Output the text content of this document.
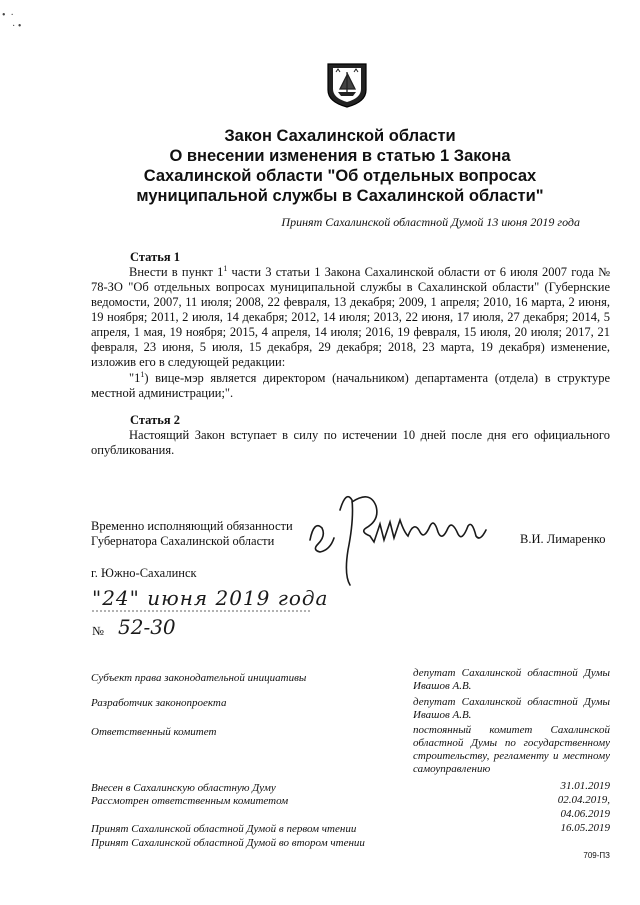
•  ·
· •
Закон Сахалинской области
О внесении изменения в статью 1 Закона
Сахалинской области "Об отдельных вопросах
муниципальной службы в Сахалинской области"
Принят Сахалинской областной Думой 13 июня 2019 года
Статья 1
Внести в пункт $1^1$ части 3 статьи 1 Закона Сахалинской области от 6 июля 2007 года № 78-ЗО "Об отдельных вопросах муниципальной службы в Сахалинской области" (Губернские ведомости, 2007, 11 июля; 2008, 22 февраля, 13 декабря; 2009, 1 апреля; 2010, 16 марта, 2 июня, 19 ноября; 2011, 2 июля, 14 декабря; 2012, 14 июля; 2013, 22 июня, 17 июля, 27 декабря; 2014, 5 апреля, 1 мая, 19 ноября; 2015, 4 апреля, 14 июля; 2016, 19 февраля, 15 июля, 20 июля; 2017, 21 февраля, 23 июня, 5 июля, 15 декабря, 29 декабря; 2018, 23 марта, 19 декабря) изменение, изложив его в следующей редакции:
"$1^1$) вице-мэр является директором (начальником) департамента (отдела) в структуре местной администрации;".
Статья 2
Настоящий Закон вступает в силу по истечении 10 дней после дня его официального опубликования.
Временно исполняющий обязанности
Губернатора Сахалинской области	В.И. Лимаренко
г. Южно-Сахалинск
"24" июня 2019 года
№ 52-30
Субъект права законодательной инициативы	депутат Сахалинской областной Думы Ивашов А.В.
Разработчик законопроекта	депутат Сахалинской областной Думы Ивашов А.В.
Ответственный комитет	постоянный комитет Сахалинской областной Думы по государственному строительству, регламенту и местному самоуправлению
Внесен в Сахалинскую областную Думу	31.01.2019
Рассмотрен ответственным комитетом	02.04.2019,
04.06.2019
Принят Сахалинской областной Думой в первом чтении	16.05.2019
Принят Сахалинской областной Думой во втором чтении
709-ПЗ
